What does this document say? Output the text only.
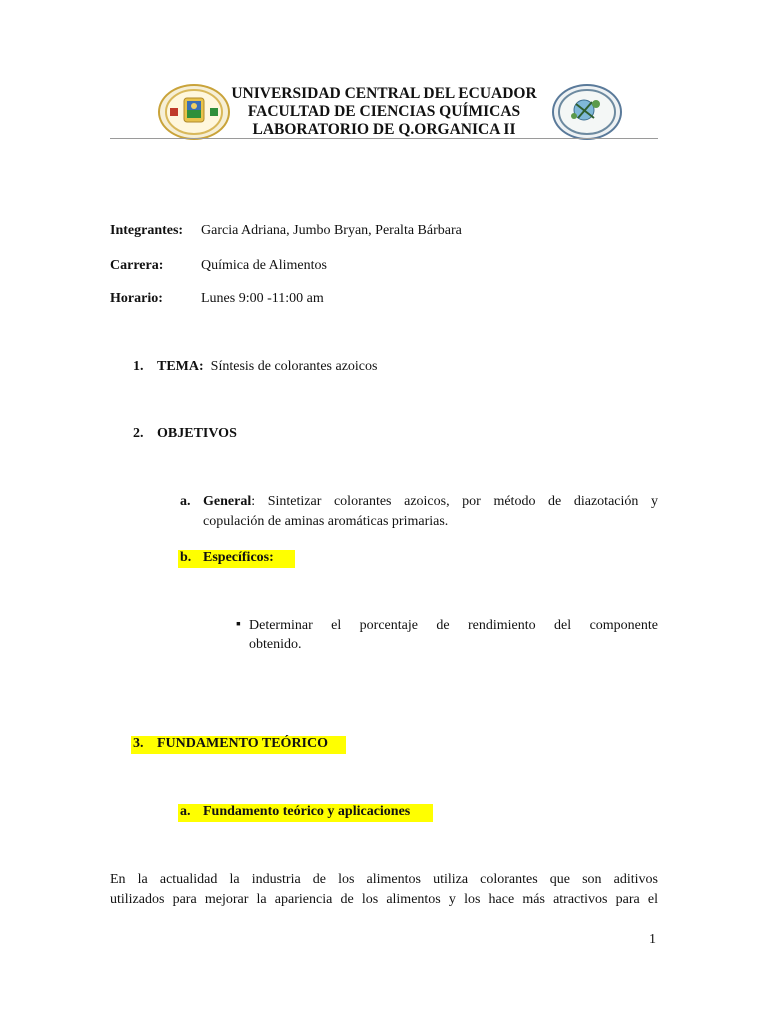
UNIVERSIDAD CENTRAL DEL ECUADOR
FACULTAD DE CIENCIAS QUÍMICAS
LABORATORIO DE Q.ORGANICA II
Integrantes: Garcia Adriana, Jumbo Bryan, Peralta Bárbara
Carrera:	Química de Alimentos
Horario:	Lunes 9:00 -11:00 am
1. TEMA: Síntesis de colorantes azoicos
2. OBJETIVOS
a. General: Sintetizar colorantes azoicos, por método de diazotación y
copulación de aminas aromáticas primarias.
b. Específicos:
▪ Determinar el porcentaje de rendimiento del componente
obtenido.
3. FUNDAMENTO TEÓRICO
a. Fundamento teórico y aplicaciones
En la actualidad la industria de los alimentos utiliza colorantes que son aditivos
utilizados para mejorar la apariencia de los alimentos y los hace más atractivos para el
1
